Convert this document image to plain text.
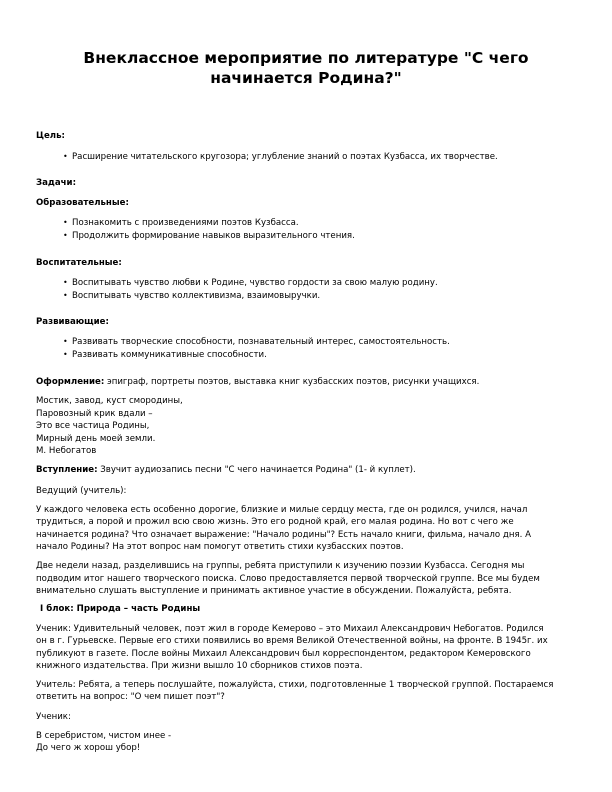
Внеклассное мероприятие по литературе "С чего
начинается Родина?"

Цель:

• Расширение читательского кругозора; углубление знаний о поэтах Кузбасса, их творчестве.

Задачи:

Образовательные:

• Познакомить с произведениями поэтов Кузбасса.

• Продолжить формирование навыков выразительного чтения.

Воспитательные:

• Воспитывать чувство любви к Родине, чувство гордости за свою малую родину.

• Воспитывать чувство коллективизма, взаимовыручки.

Развивающие:

• Развивать творческие способности, познавательный интерес, самостоятельность.

• Развивать коммуникативные способности.

Оформление: эпиграф, портреты поэтов, выставка книг кузбасских поэтов, рисунки учащихся.

Мостик, завод, куст смородины,

Паровозный крик вдали –

Это все частица Родины,

Мирный день моей земли.

М. Небогатов

Вступление: Звучит аудиозапись песни "С чего начинается Родина" (1- й куплет).

Ведущий (учитель):

У каждого человека есть особенно дорогие, близкие и милые сердцу места, где он родился, учился, начал

трудиться, а порой и прожил всю свою жизнь. Это его родной край, его малая родина. Но вот с чего же

начинается родина? Что означает выражение: "Начало родины"? Есть начало книги, фильма, начало дня. А

начало Родины? На этот вопрос нам помогут ответить стихи кузбасских поэтов.

Две недели назад, разделившись на группы, ребята приступили к изучению поэзии Кузбасса. Сегодня мы

подводим итог нашего творческого поиска. Слово предоставляется первой творческой группе. Все мы будем

внимательно слушать выступление и принимать активное участие в обсуждении. Пожалуйста, ребята.

I блок: Природа – часть Родины

Ученик: Удивительный человек, поэт жил в городе Кемерово – это Михаил Александрович Небогатов. Родился

он в г. Гурьевске. Первые его стихи появились во время Великой Отечественной войны, на фронте. В 1945г. их

публикуют в газете. После войны Михаил Александрович был корреспондентом, редактором Кемеровского

книжного издательства. При жизни вышло 10 сборников стихов поэта.

Учитель: Ребята, а теперь послушайте, пожалуйста, стихи, подготовленные 1 творческой группой. Постараемся

ответить на вопрос: "О чем пишет поэт"?

Ученик:

В серебристом, чистом инее -

До чего ж хорош убор!
